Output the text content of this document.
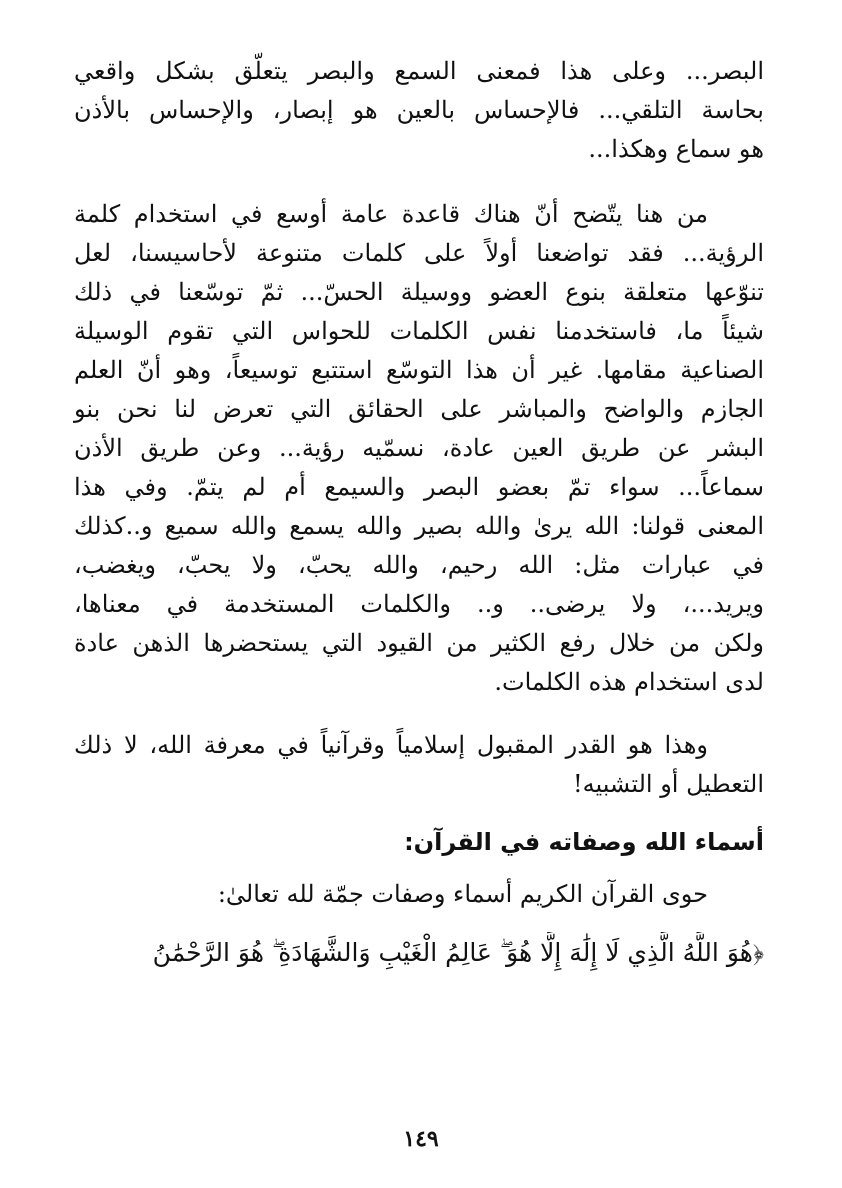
البصر... وعلى هذا فمعنى السمع والبصر يتعلّق بشكل واقعي
بحاسة التلقي... فالإحساس بالعين هو إبصار، والإحساس بالأذن
هو سماع وهكذا...
من هنا يتّضح أنّ هناك قاعدة عامة أوسع في استخدام كلمة
الرؤية... فقد تواضعنا أولاً على كلمات متنوعة لأحاسيسنا، لعل
تنوّعها متعلقة بنوع العضو ووسيلة الحسّ... ثمّ توسّعنا في ذلك
شيئاً ما، فاستخدمنا نفس الكلمات للحواس التي تقوم الوسيلة
الصناعية مقامها. غير أن هذا التوسّع استتبع توسيعاً، وهو أنّ العلم
الجازم والواضح والمباشر على الحقائق التي تعرض لنا نحن بنو
البشر عن طريق العين عادة، نسمّيه رؤية... وعن طريق الأذن
سماعاً... سواء تمّ بعضو البصر والسيمع أم لم يتمّ. وفي هذا
المعنى قولنا: الله يرىٰ والله بصير والله يسمع والله سميع و..كذلك
في عبارات مثل: الله رحيم، والله يحبّ، ولا يحبّ، ويغضب،
ويريد...، ولا يرضى.. و.. والكلمات المستخدمة في معناها،
ولكن من خلال رفع الكثير من القيود التي يستحضرها الذهن عادة
لدى استخدام هذه الكلمات.
وهذا هو القدر المقبول إسلامياً وقرآنياً في معرفة الله، لا ذلك
التعطيل أو التشبيه!
أسماء الله وصفاته في القرآن:
حوى القرآن الكريم أسماء وصفات جمّة لله تعالىٰ:
﴿هُوَ اللَّهُ الَّذِي لَا إِلَٰهَ إِلَّا هُوَ ۖ عَالِمُ الْغَيْبِ وَالشَّهَادَةِ ۖ هُوَ الرَّحْمَٰنُ
١٤٩
